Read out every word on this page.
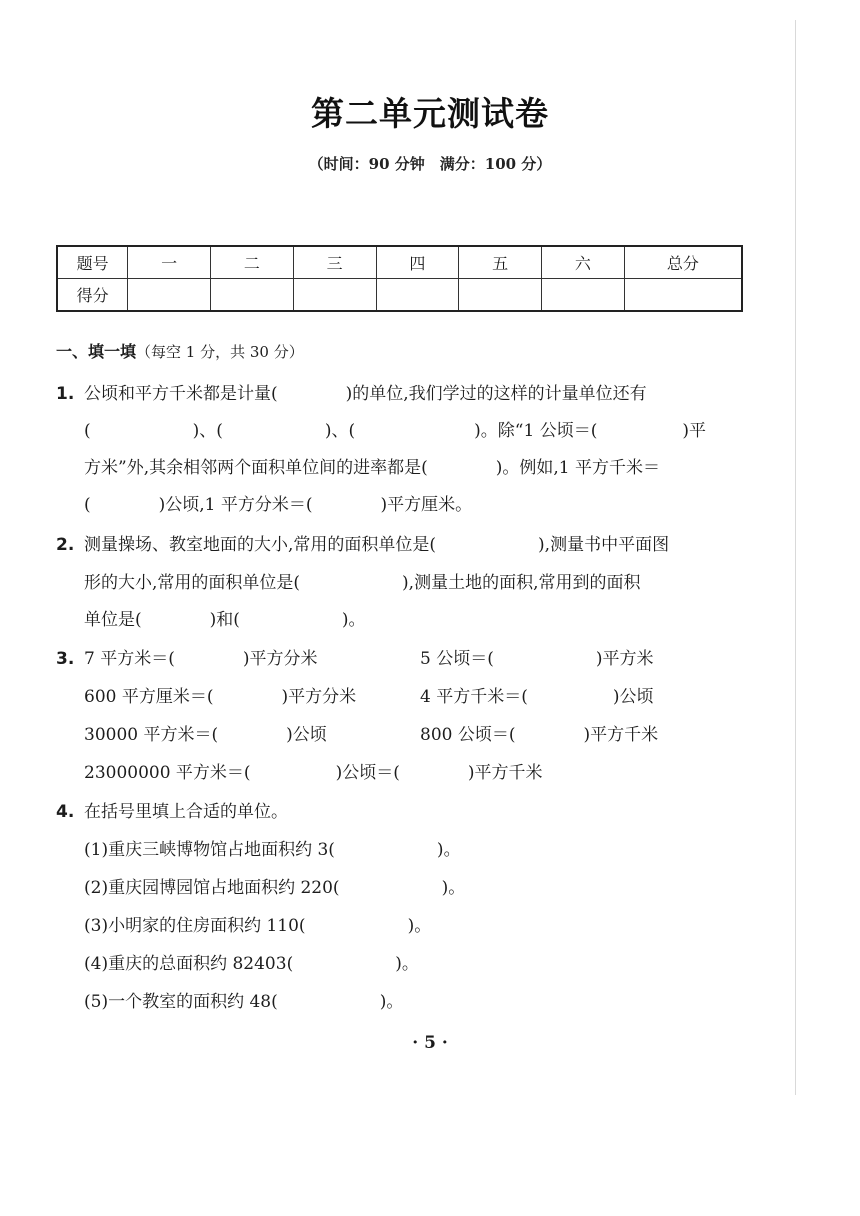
第二单元测试卷
（时间：90 分钟　满分：100 分）
题号	一	二	三	四	五	六	总分
得分							
一、填一填（每空 1 分，共 30 分）
1. 公顷和平方千米都是计量(　　　　)的单位,我们学过的这样的计量单位还有
(　　　　　　)、(　　　　　　)、(　　　　　　　)。除“1 公顷＝(　　　　　)平
方米”外,其余相邻两个面积单位间的进率都是(　　　　)。例如,1 平方千米＝
(　　　　)公顷,1 平方分米＝(　　　　)平方厘米。
2. 测量操场、教室地面的大小,常用的面积单位是(　　　　　　),测量书中平面图
形的大小,常用的面积单位是(　　　　　　),测量土地的面积,常用到的面积
单位是(　　　　)和(　　　　　　)。
3. 7 平方米＝(　　　　)平方分米	5 公顷＝(　　　　　　)平方米
600 平方厘米＝(　　　　)平方分米	4 平方千米＝(　　　　　)公顷
30000 平方米＝(　　　　)公顷	800 公顷＝(　　　　)平方千米
23000000 平方米＝(　　　　　)公顷＝(　　　　)平方千米
4. 在括号里填上合适的单位。
(1)重庆三峡博物馆占地面积约 3(　　　　　　)。
(2)重庆园博园馆占地面积约 220(　　　　　　)。
(3)小明家的住房面积约 110(　　　　　　)。
(4)重庆的总面积约 82403(　　　　　　)。
(5)一个教室的面积约 48(　　　　　　)。
· 5 ·
